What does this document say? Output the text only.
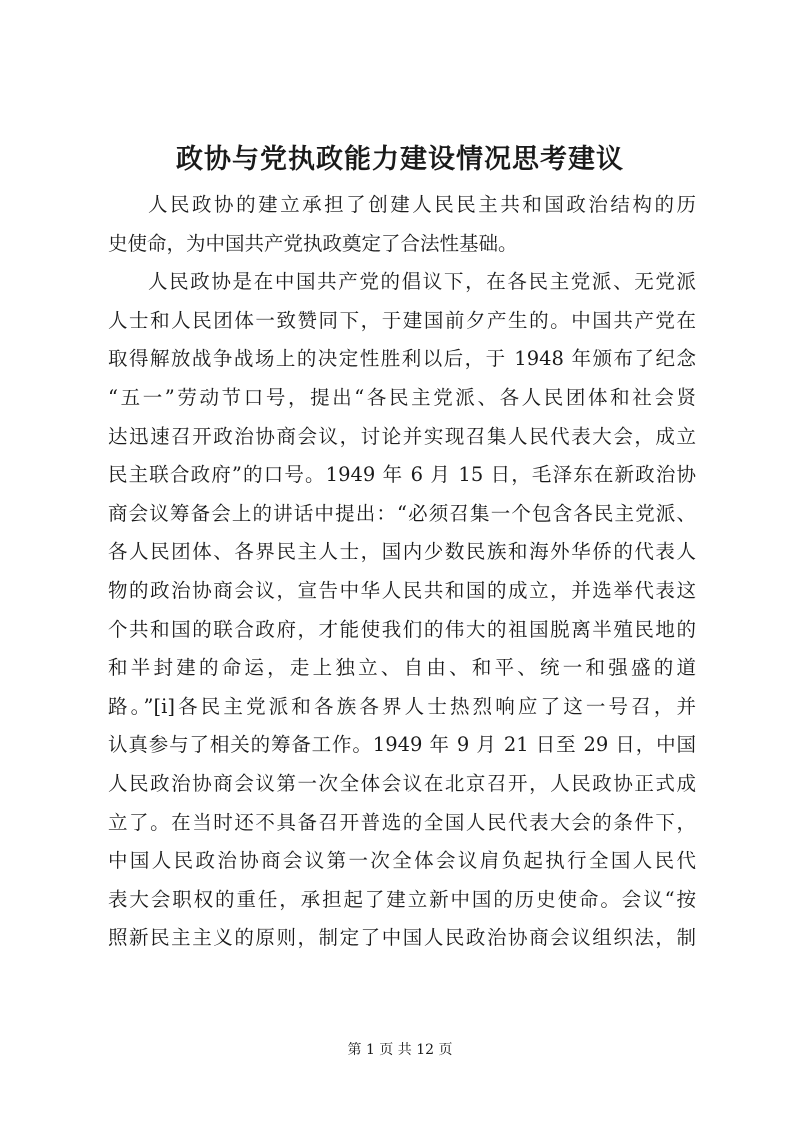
政协与党执政能力建设情况思考建议
人民政协的建立承担了创建人民民主共和国政治结构的历
史使命，为中国共产党执政奠定了合法性基础。
人民政协是在中国共产党的倡议下，在各民主党派、无党派
人士和人民团体一致赞同下，于建国前夕产生的。中国共产党在
取得解放战争战场上的决定性胜利以后，于 1948 年颁布了纪念
“五一”劳动节口号，提出“各民主党派、各人民团体和社会贤
达迅速召开政治协商会议，讨论并实现召集人民代表大会，成立
民主联合政府”的口号。1949 年 6 月 15 日，毛泽东在新政治协
商会议筹备会上的讲话中提出：“必须召集一个包含各民主党派、
各人民团体、各界民主人士，国内少数民族和海外华侨的代表人
物的政治协商会议，宣告中华人民共和国的成立，并选举代表这
个共和国的联合政府，才能使我们的伟大的祖国脱离半殖民地的
和半封建的命运，走上独立、自由、和平、统一和强盛的道
路。”[i]各民主党派和各族各界人士热烈响应了这一号召，并
认真参与了相关的筹备工作。1949 年 9 月 21 日至 29 日，中国
人民政治协商会议第一次全体会议在北京召开，人民政协正式成
立了。在当时还不具备召开普选的全国人民代表大会的条件下，
中国人民政治协商会议第一次全体会议肩负起执行全国人民代
表大会职权的重任，承担起了建立新中国的历史使命。会议“按
照新民主主义的原则，制定了中国人民政治协商会议组织法，制
第 1 页 共 12 页
